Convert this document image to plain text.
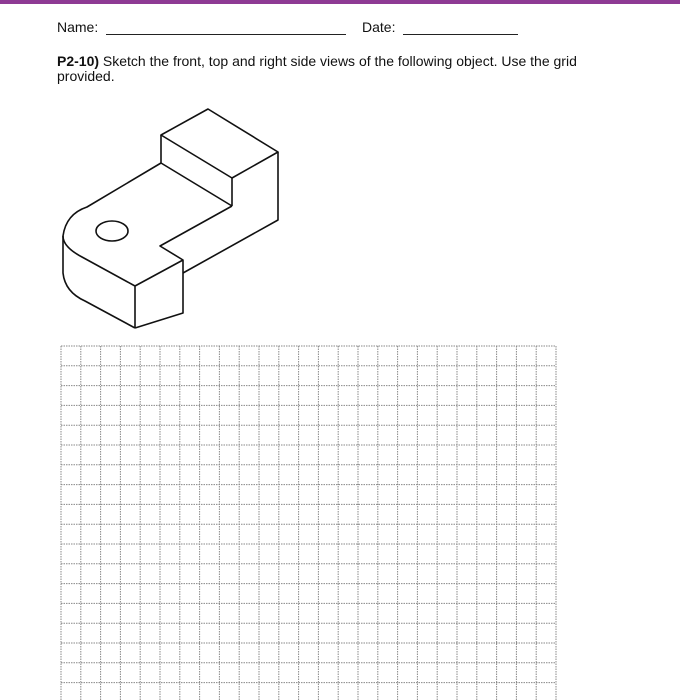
Name:	Date:
P2-10) Sketch the front, top and right side views of the following object. Use the grid provided.
